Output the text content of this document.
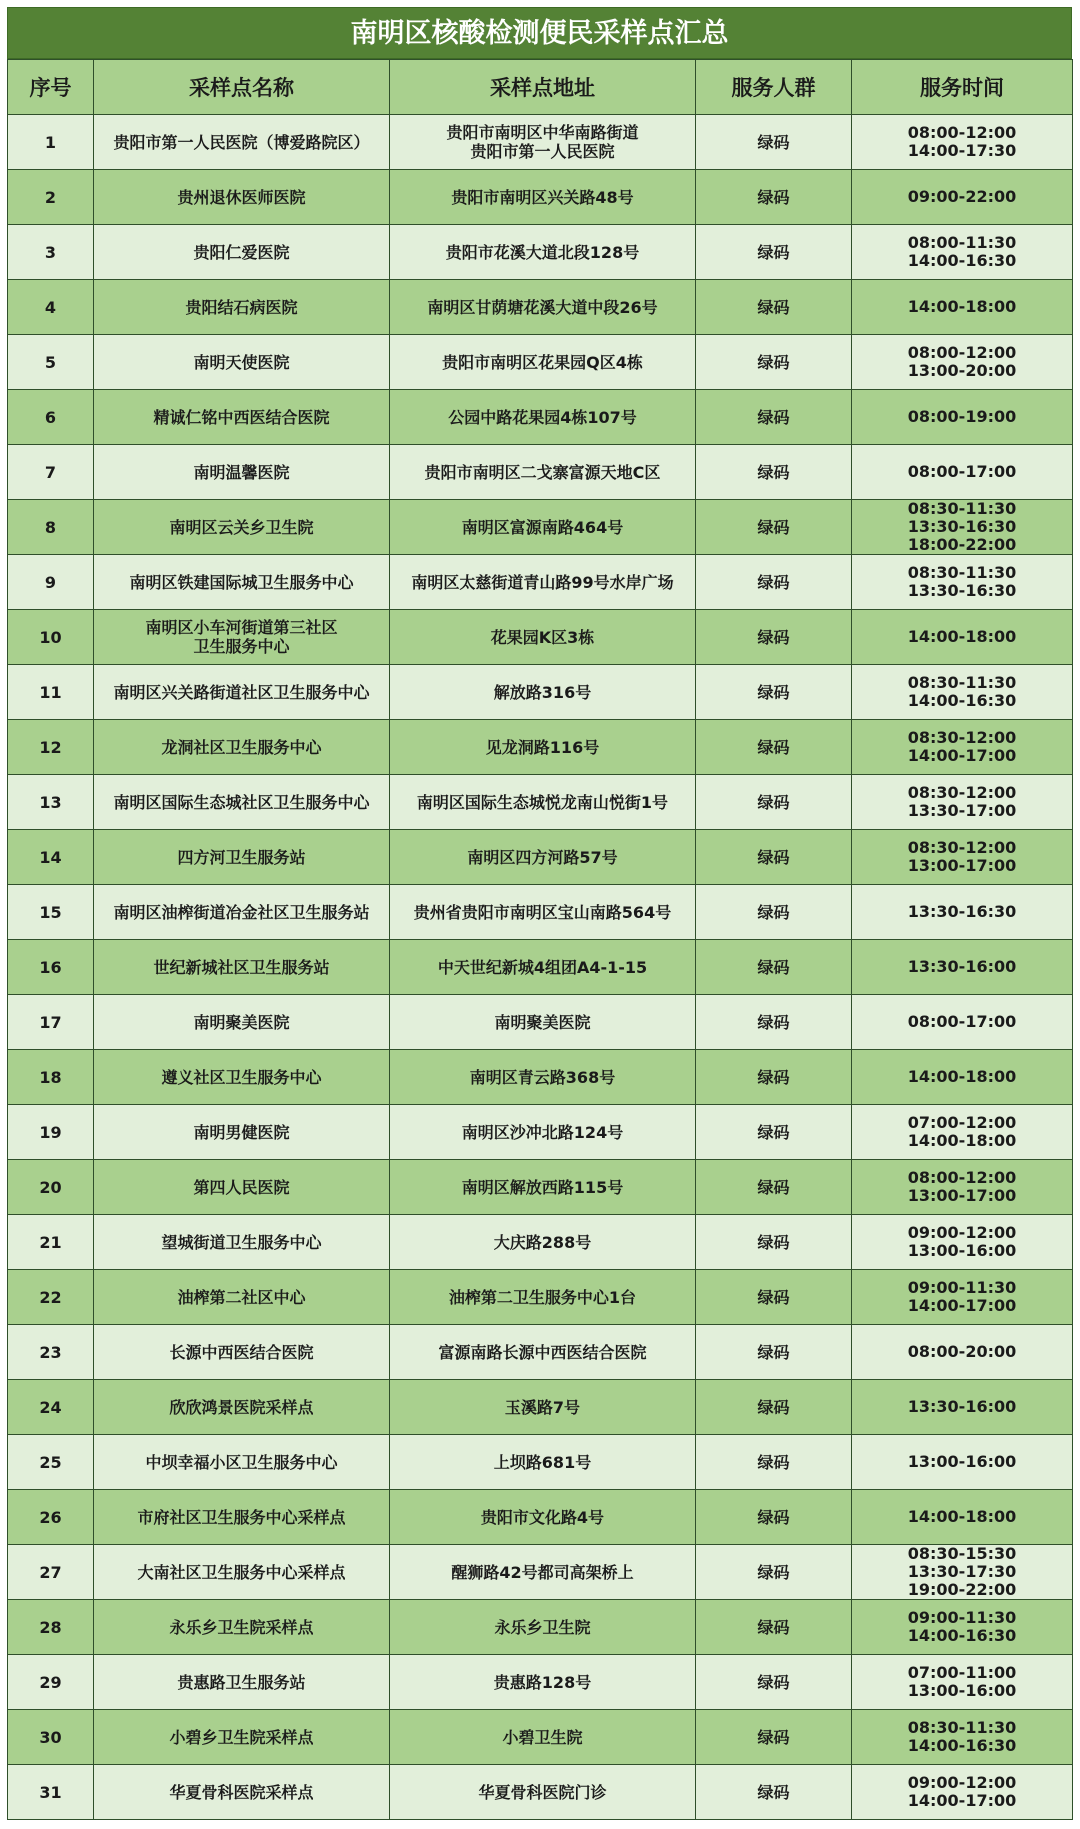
南明区核酸检测便民采样点汇总
序号	采样点名称	采样点地址	服务人群	服务时间
1	贵阳市第一人民医院（博爱路院区）	贵阳市南明区中华南路街道
贵阳市第一人民医院	绿码	08:00-12:00
14:00-17:30
2	贵州退休医师医院	贵阳市南明区兴关路48号	绿码	09:00-22:00
3	贵阳仁爱医院	贵阳市花溪大道北段128号	绿码	08:00-11:30
14:00-16:30
4	贵阳结石病医院	南明区甘荫塘花溪大道中段26号	绿码	14:00-18:00
5	南明天使医院	贵阳市南明区花果园Q区4栋	绿码	08:00-12:00
13:00-20:00
6	精诚仁铭中西医结合医院	公园中路花果园4栋107号	绿码	08:00-19:00
7	南明温馨医院	贵阳市南明区二戈寨富源天地C区	绿码	08:00-17:00
8	南明区云关乡卫生院	南明区富源南路464号	绿码	08:30-11:30
13:30-16:30
18:00-22:00
9	南明区铁建国际城卫生服务中心	南明区太慈街道青山路99号水岸广场	绿码	08:30-11:30
13:30-16:30
10	南明区小车河街道第三社区
卫生服务中心	花果园K区3栋	绿码	14:00-18:00
11	南明区兴关路街道社区卫生服务中心	解放路316号	绿码	08:30-11:30
14:00-16:30
12	龙洞社区卫生服务中心	见龙洞路116号	绿码	08:30-12:00
14:00-17:00
13	南明区国际生态城社区卫生服务中心	南明区国际生态城悦龙南山悦街1号	绿码	08:30-12:00
13:30-17:00
14	四方河卫生服务站	南明区四方河路57号	绿码	08:30-12:00
13:00-17:00
15	南明区油榨街道冶金社区卫生服务站	贵州省贵阳市南明区宝山南路564号	绿码	13:30-16:30
16	世纪新城社区卫生服务站	中天世纪新城4组团A4-1-15	绿码	13:30-16:00
17	南明聚美医院	南明聚美医院	绿码	08:00-17:00
18	遵义社区卫生服务中心	南明区青云路368号	绿码	14:00-18:00
19	南明男健医院	南明区沙冲北路124号	绿码	07:00-12:00
14:00-18:00
20	第四人民医院	南明区解放西路115号	绿码	08:00-12:00
13:00-17:00
21	望城街道卫生服务中心	大庆路288号	绿码	09:00-12:00
13:00-16:00
22	油榨第二社区中心	油榨第二卫生服务中心1台	绿码	09:00-11:30
14:00-17:00
23	长源中西医结合医院	富源南路长源中西医结合医院	绿码	08:00-20:00
24	欣欣鸿景医院采样点	玉溪路7号	绿码	13:30-16:00
25	中坝幸福小区卫生服务中心	上坝路681号	绿码	13:00-16:00
26	市府社区卫生服务中心采样点	贵阳市文化路4号	绿码	14:00-18:00
27	大南社区卫生服务中心采样点	醒狮路42号都司高架桥上	绿码	08:30-15:30
13:30-17:30
19:00-22:00
28	永乐乡卫生院采样点	永乐乡卫生院	绿码	09:00-11:30
14:00-16:30
29	贵惠路卫生服务站	贵惠路128号	绿码	07:00-11:00
13:00-16:00
30	小碧乡卫生院采样点	小碧卫生院	绿码	08:30-11:30
14:00-16:30
31	华夏骨科医院采样点	华夏骨科医院门诊	绿码	09:00-12:00
14:00-17:00
